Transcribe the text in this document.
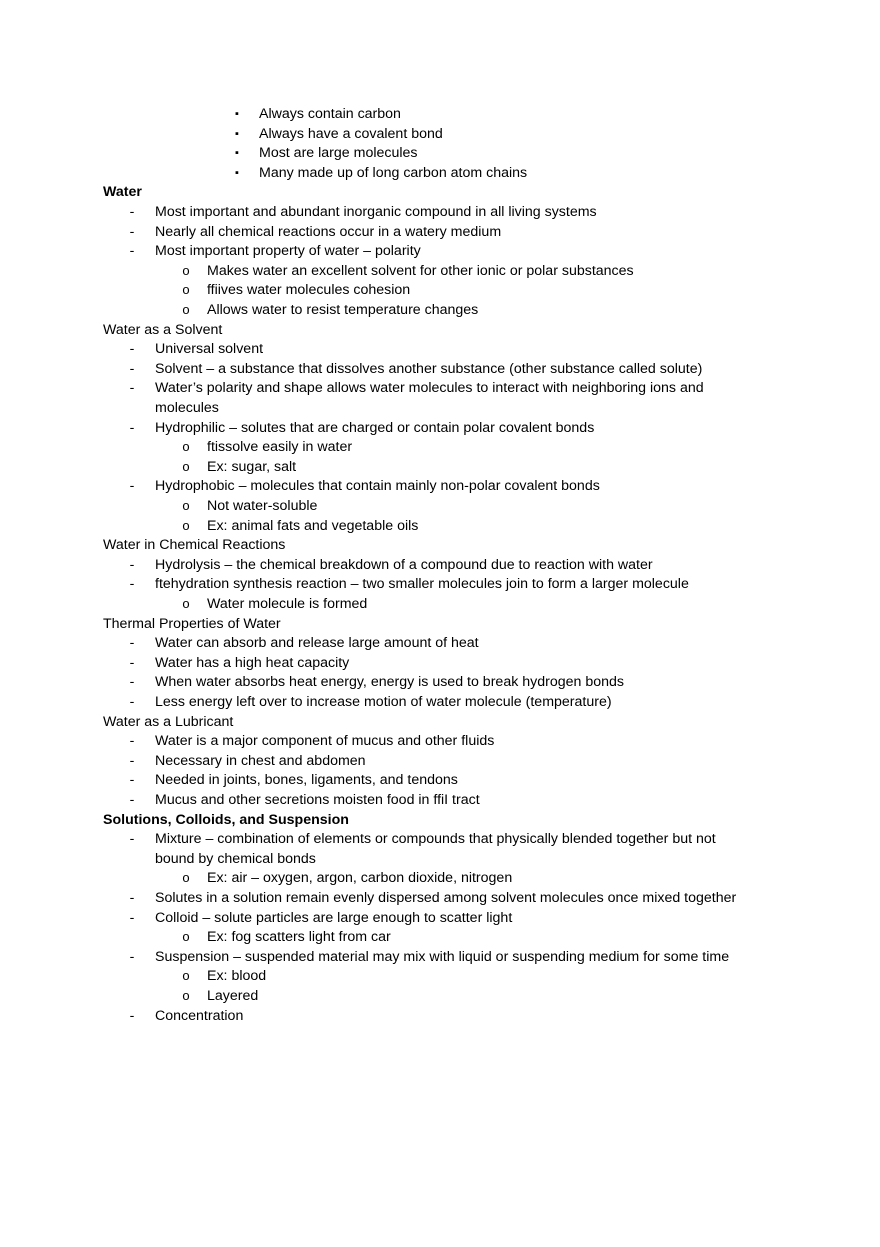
▪	Always contain carbon
▪	Always have a covalent bond
▪	Most are large molecules
▪	Many made up of long carbon atom chains
Water
-	Most important and abundant inorganic compound in all living systems
-	Nearly all chemical reactions occur in a watery medium
-	Most important property of water – polarity
o	Makes water an excellent solvent for other ionic or polar substances
o	ffiives water molecules cohesion
o	Allows water to resist temperature changes
Water as a Solvent
-	Universal solvent
-	Solvent – a substance that dissolves another substance (other substance called solute)
-	Water’s polarity and shape allows water molecules to interact with neighboring ions and
molecules
-	Hydrophilic – solutes that are charged or contain polar covalent bonds
o	ftissolve easily in water
o	Ex: sugar, salt
-	Hydrophobic – molecules that contain mainly non-polar covalent bonds
o	Not water-soluble
o	Ex: animal fats and vegetable oils
Water in Chemical Reactions
-	Hydrolysis – the chemical breakdown of a compound due to reaction with water
-	ftehydration synthesis reaction – two smaller molecules join to form a larger molecule
o	Water molecule is formed
Thermal Properties of Water
-	Water can absorb and release large amount of heat
-	Water has a high heat capacity
-	When water absorbs heat energy, energy is used to break hydrogen bonds
-	Less energy left over to increase motion of water molecule (temperature)
Water as a Lubricant
-	Water is a major component of mucus and other fluids
-	Necessary in chest and abdomen
-	Needed in joints, bones, ligaments, and tendons
-	Mucus and other secretions moisten food in ffiI tract
Solutions, Colloids, and Suspension
-	Mixture – combination of elements or compounds that physically blended together but not
bound by chemical bonds
o	Ex: air – oxygen, argon, carbon dioxide, nitrogen
-	Solutes in a solution remain evenly dispersed among solvent molecules once mixed together
-	Colloid – solute particles are large enough to scatter light
o	Ex: fog scatters light from car
-	Suspension – suspended material may mix with liquid or suspending medium for some time
o	Ex: blood
o	Layered
-	Concentration
